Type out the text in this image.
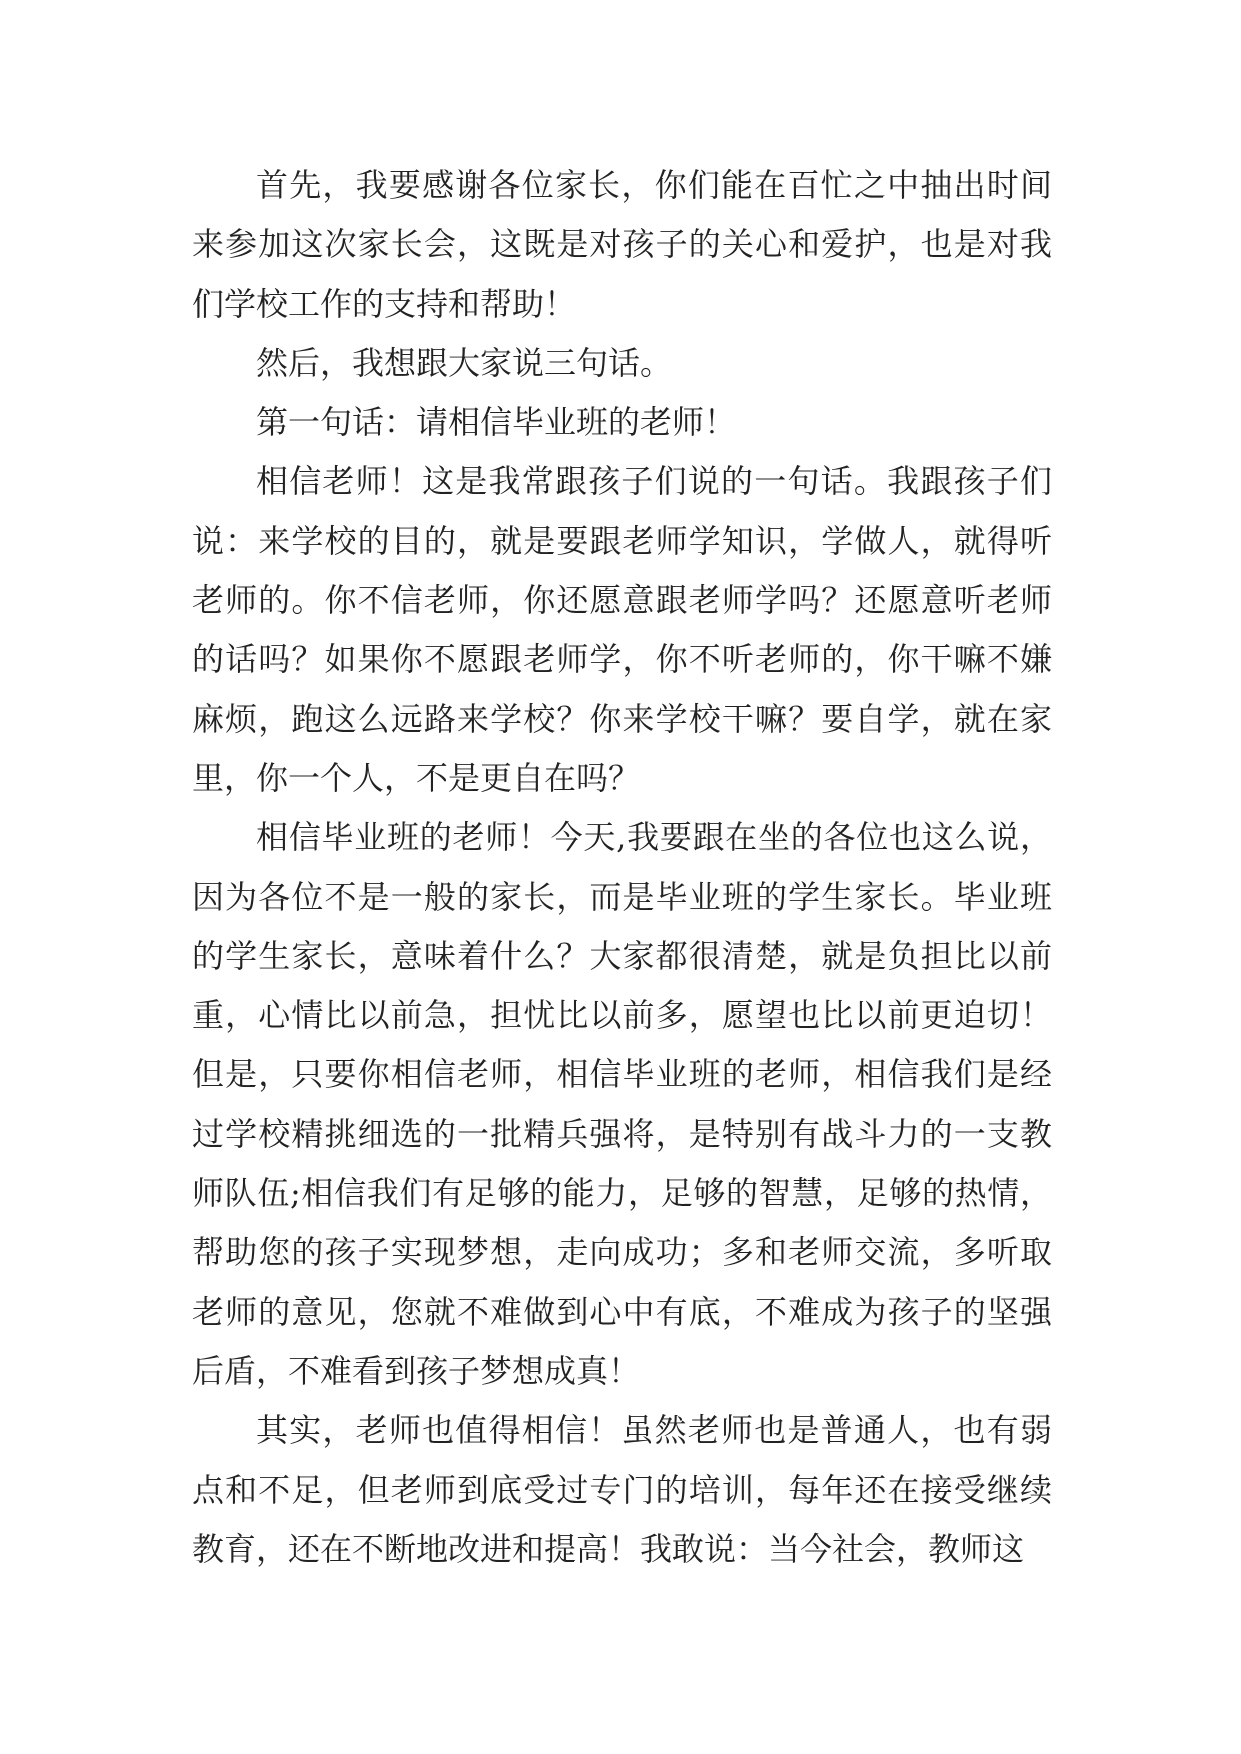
首先，我要感谢各位家长，你们能在百忙之中抽出时间来参加这次家长会，这既是对孩子的关心和爱护，也是对我们学校工作的支持和帮助！

然后，我想跟大家说三句话。

第一句话：请相信毕业班的老师！

相信老师！这是我常跟孩子们说的一句话。我跟孩子们说：来学校的目的，就是要跟老师学知识，学做人，就得听老师的。你不信老师，你还愿意跟老师学吗？还愿意听老师的话吗？如果你不愿跟老师学，你不听老师的，你干嘛不嫌麻烦，跑这么远路来学校？你来学校干嘛？要自学，就在家里，你一个人，不是更自在吗？

相信毕业班的老师！今天,我要跟在坐的各位也这么说，因为各位不是一般的家长，而是毕业班的学生家长。毕业班的学生家长，意味着什么？大家都很清楚，就是负担比以前重，心情比以前急，担忧比以前多，愿望也比以前更迫切！但是，只要你相信老师，相信毕业班的老师，相信我们是经过学校精挑细选的一批精兵强将，是特别有战斗力的一支教师队伍;相信我们有足够的能力，足够的智慧，足够的热情，帮助您的孩子实现梦想，走向成功；多和老师交流，多听取老师的意见，您就不难做到心中有底，不难成为孩子的坚强后盾，不难看到孩子梦想成真！

其实，老师也值得相信！虽然老师也是普通人，也有弱点和不足，但老师到底受过专门的培训，每年还在接受继续教育，还在不断地改进和提高！我敢说：当今社会，教师这
